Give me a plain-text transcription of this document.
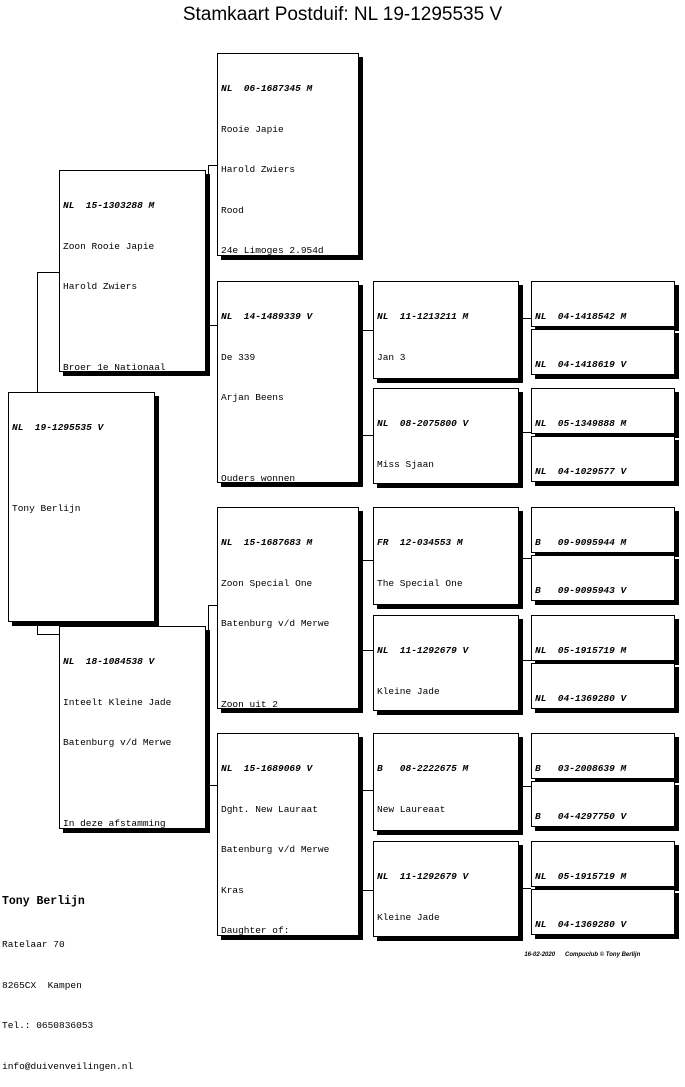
Stamkaart Postduif: NL 19-1295535 V

NL  19-1295535 V

Tony Berlijn

NL  15-1303288 M

Zoon Rooie Japie

Harold Zwiers

Broer 1e Nationaal

NL  18-1084538 V

Inteelt Kleine Jade

Batenburg v/d Merwe

In deze afstamming

NL  06-1687345 M

Rooie Japie

Harold Zwiers

Rood

24e Limoges 2.954d

NL  14-1489339 V

De 339

Arjan Beens

Ouders wonnen

NL  15-1687683 M

Zoon Special One

Batenburg v/d Merwe

Zoon uit 2

NL  15-1689069 V

Dght. New Lauraat

Batenburg v/d Merwe

Kras

Daughter of:

NL  11-1213211 M

Jan 3

NL  08-2075800 V

Miss Sjaan

FR  12-034553 M

The Special One

NL  11-1292679 V

Kleine Jade

B   08-2222675 M

New Laureaat

NL  11-1292679 V

Kleine Jade

NL  04-1418542 M

NL  04-1418619 V

NL  05-1349888 M

NL  04-1029577 V

B   09-9095944 M

B   09-9095943 V

NL  05-1915719 M

NL  04-1369280 V

B   03-2008639 M

B   04-4297750 V

NL  05-1915719 M

NL  04-1369280 V

Tony Berlijn

Ratelaar 70

8265CX  Kampen

Tel.: 0650836053

info@duivenveilingen.nl

16-02-2020 Compuclub © Tony Berlijn
